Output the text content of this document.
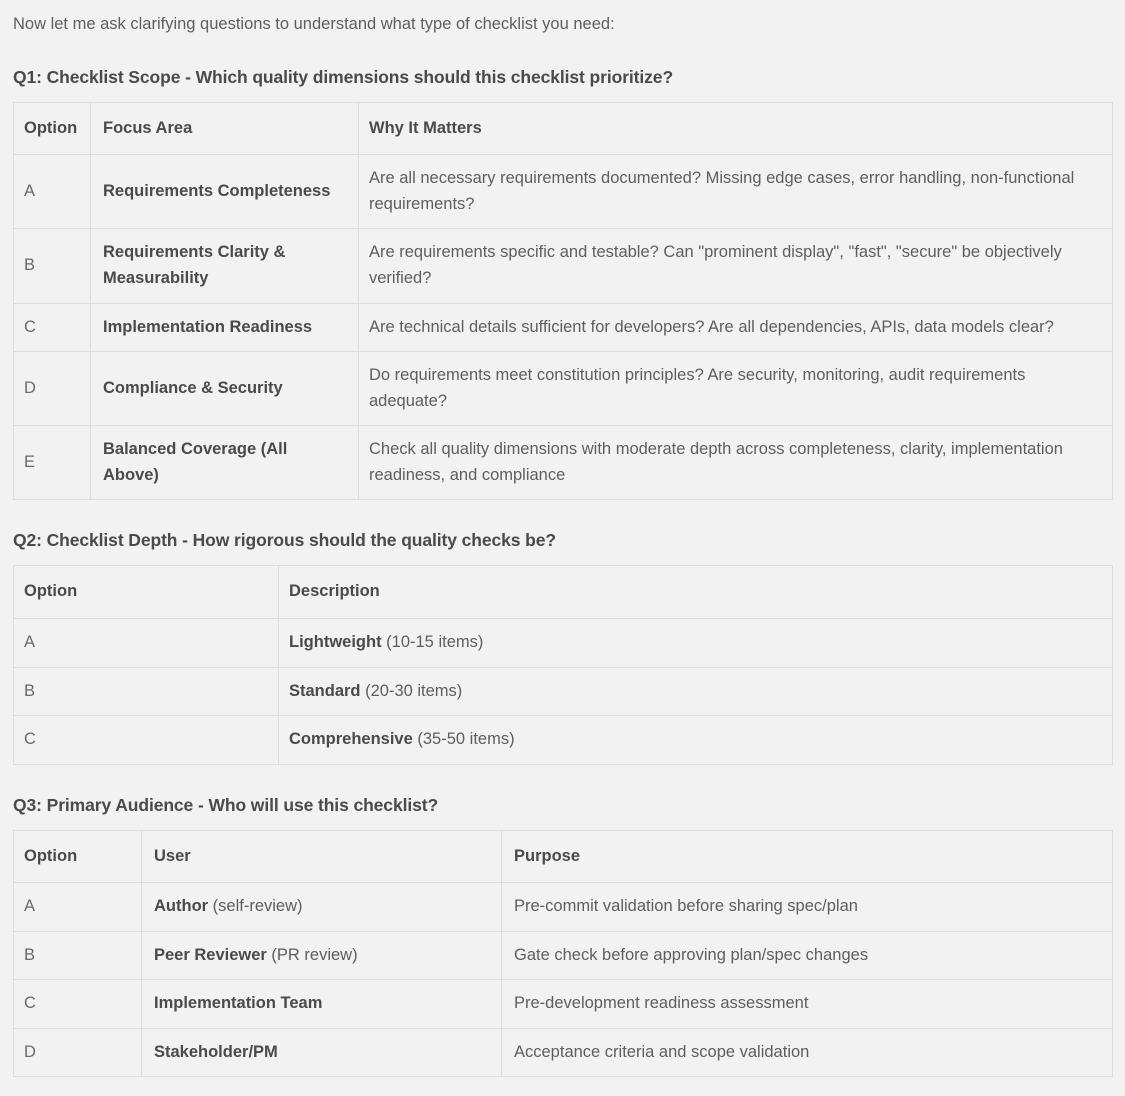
Now let me ask clarifying questions to understand what type of checklist you need:

Q1: Checklist Scope - Which quality dimensions should this checklist prioritize?
Option	Focus Area	Why It Matters
A	Requirements Completeness	Are all necessary requirements documented? Missing edge cases, error handling, non-functional requirements?
B	Requirements Clarity & Measurability	Are requirements specific and testable? Can "prominent display", "fast", "secure" be objectively verified?
C	Implementation Readiness	Are technical details sufficient for developers? Are all dependencies, APIs, data models clear?
D	Compliance & Security	Do requirements meet constitution principles? Are security, monitoring, audit requirements adequate?
E	Balanced Coverage (All Above)	Check all quality dimensions with moderate depth across completeness, clarity, implementation readiness, and compliance
Q2: Checklist Depth - How rigorous should the quality checks be?
Option	Description
A	Lightweight (10-15 items)
B	Standard (20-30 items)
C	Comprehensive (35-50 items)
Q3: Primary Audience - Who will use this checklist?
Option	User	Purpose
A	Author (self-review)	Pre-commit validation before sharing spec/plan
B	Peer Reviewer (PR review)	Gate check before approving plan/spec changes
C	Implementation Team	Pre-development readiness assessment
D	Stakeholder/PM	Acceptance criteria and scope validation
